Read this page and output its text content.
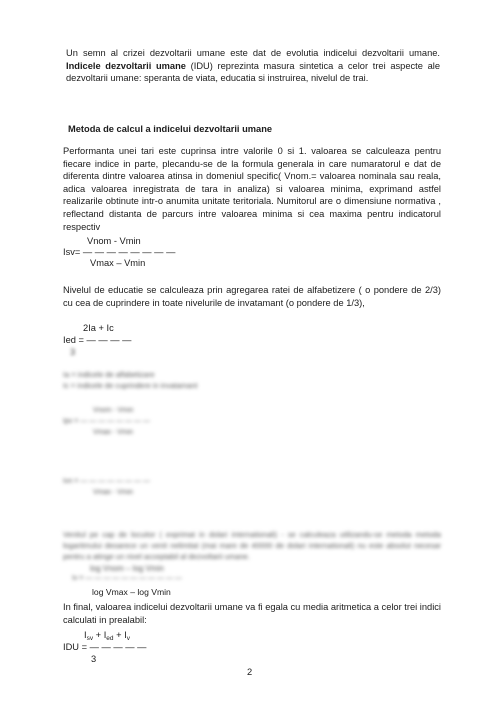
Un semn al crizei dezvoltarii umane este dat de evolutia indicelui dezvoltarii umane. Indicele dezvoltarii umane (IDU) reprezinta masura sintetica a celor trei aspecte ale dezvoltarii umane: speranta de viata, educatia si instruirea, nivelul de trai.

Metoda de calcul a indicelui dezvoltarii umane

Performanta unei tari este cuprinsa intre valorile 0 si 1. valoarea se calculeaza pentru fiecare indice in parte, plecandu-se de la formula generala in care numaratorul e dat de diferenta dintre valoarea atinsa in domeniul specific( Vnom.= valoarea nominala sau reala, adica valoarea inregistrata de tara in analiza) si valoarea minima, exprimand astfel realizarile obtinute intr-o anumita unitate teritoriala. Numitorul are o dimensiune normativa , reflectand distanta de parcurs intre valoarea minima si cea maxima pentru indicatorul respectiv

Vnom - Vmin

Isv= — — — — — — — —

Vmax – Vmin

Nivelul de educatie se calculeaza prin agregarea ratei de alfabetizere ( o pondere de 2/3) cu cea de cuprindere in toate nivelurile de invatamant (o pondere de 1/3),

2Ia + Ic

Ied = — — — —

3

Ia = indicele de alfabetizare

Ic = indicele de cuprindere in invatamant

Vnom - Vmin

Ipv = — — — — — — — —

Vmax - Vmin

Ivn = — — — — — — — —

Vmax - Vmin

Venitul pe cap de locuitor ( exprimat in dolari internationali) - se calculeaza utilizandu-se metoda metoda logaritmului deoarece un venit nelimitat (mai mare de 40000 de dolari internationali) nu este absolut necesar pentru a atinge un nivel acceptabil al dezvoltarii umane.

log Vnom – log Vmin

Iv = — — — — — — — — — — —

log Vmax – log Vmin

In final, valoarea indicelui dezvoltarii umane va fi egala cu media aritmetica a celor trei indici calculati in prealabil:

$I_{sv} + I_{ed} + I_v$

IDU = — — — — —

3

2
